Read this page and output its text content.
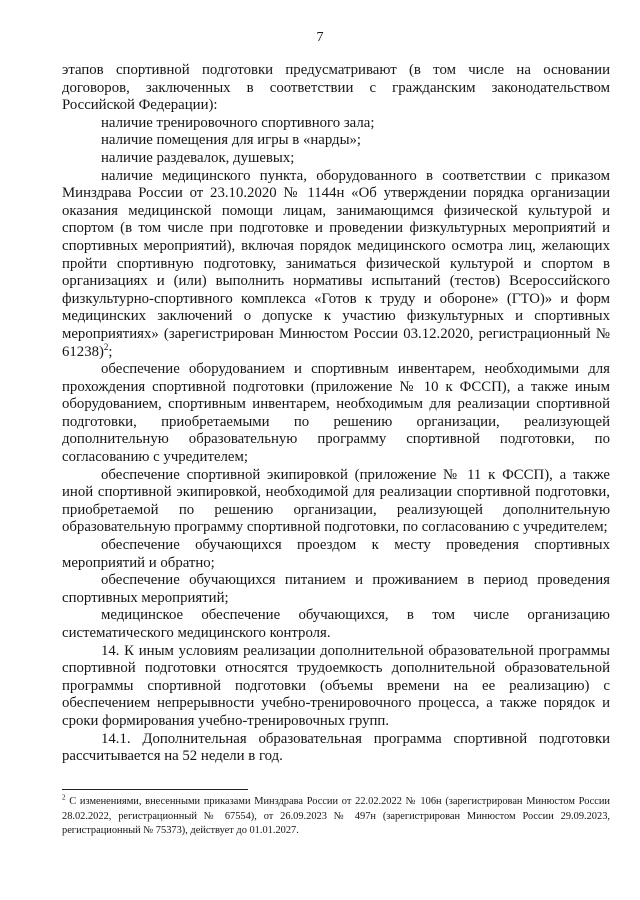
7

этапов спортивной подготовки предусматривают (в том числе на основании договоров, заключенных в соответствии с гражданским законодательством Российской Федерации):

наличие тренировочного спортивного зала;

наличие помещения для игры в «нарды»;

наличие раздевалок, душевых;

наличие медицинского пункта, оборудованного в соответствии с приказом Минздрава России от 23.10.2020 № 1144н «Об утверждении порядка организации оказания медицинской помощи лицам, занимающимся физической культурой и спортом (в том числе при подготовке и проведении физкультурных мероприятий и спортивных мероприятий), включая порядок медицинского осмотра лиц, желающих пройти спортивную подготовку, заниматься физической культурой и спортом в организациях и (или) выполнить нормативы испытаний (тестов) Всероссийского физкультурно-спортивного комплекса «Готов к труду и обороне» (ГТО)» и форм медицинских заключений о допуске к участию физкультурных и спортивных мероприятиях» (зарегистрирован Минюстом России 03.12.2020, регистрационный № 61238)$^2$;

обеспечение оборудованием и спортивным инвентарем, необходимыми для прохождения спортивной подготовки (приложение № 10 к ФССП), а также иным оборудованием, спортивным инвентарем, необходимым для реализации спортивной подготовки, приобретаемыми по решению организации, реализующей дополнительную образовательную программу спортивной подготовки, по согласованию с учредителем;

обеспечение спортивной экипировкой (приложение № 11 к ФССП), а также иной спортивной экипировкой, необходимой для реализации спортивной подготовки, приобретаемой по решению организации, реализующей дополнительную образовательную программу спортивной подготовки, по согласованию с учредителем;

обеспечение обучающихся проездом к месту проведения спортивных мероприятий и обратно;

обеспечение обучающихся питанием и проживанием в период проведения спортивных мероприятий;

медицинское обеспечение обучающихся, в том числе организацию систематического медицинского контроля.

14. К иным условиям реализации дополнительной образовательной программы спортивной подготовки относятся трудоемкость дополнительной образовательной программы спортивной подготовки (объемы времени на ее реализацию) с обеспечением непрерывности учебно-тренировочного процесса, а также порядок и сроки формирования учебно-тренировочных групп.

14.1. Дополнительная образовательная программа спортивной подготовки рассчитывается на 52 недели в год.

$^2$ С изменениями, внесенными приказами Минздрава России от 22.02.2022 № 106н (зарегистрирован Минюстом России 28.02.2022, регистрационный № 67554), от 26.09.2023 № 497н (зарегистрирован Минюстом России 29.09.2023, регистрационный № 75373), действует до 01.01.2027.
